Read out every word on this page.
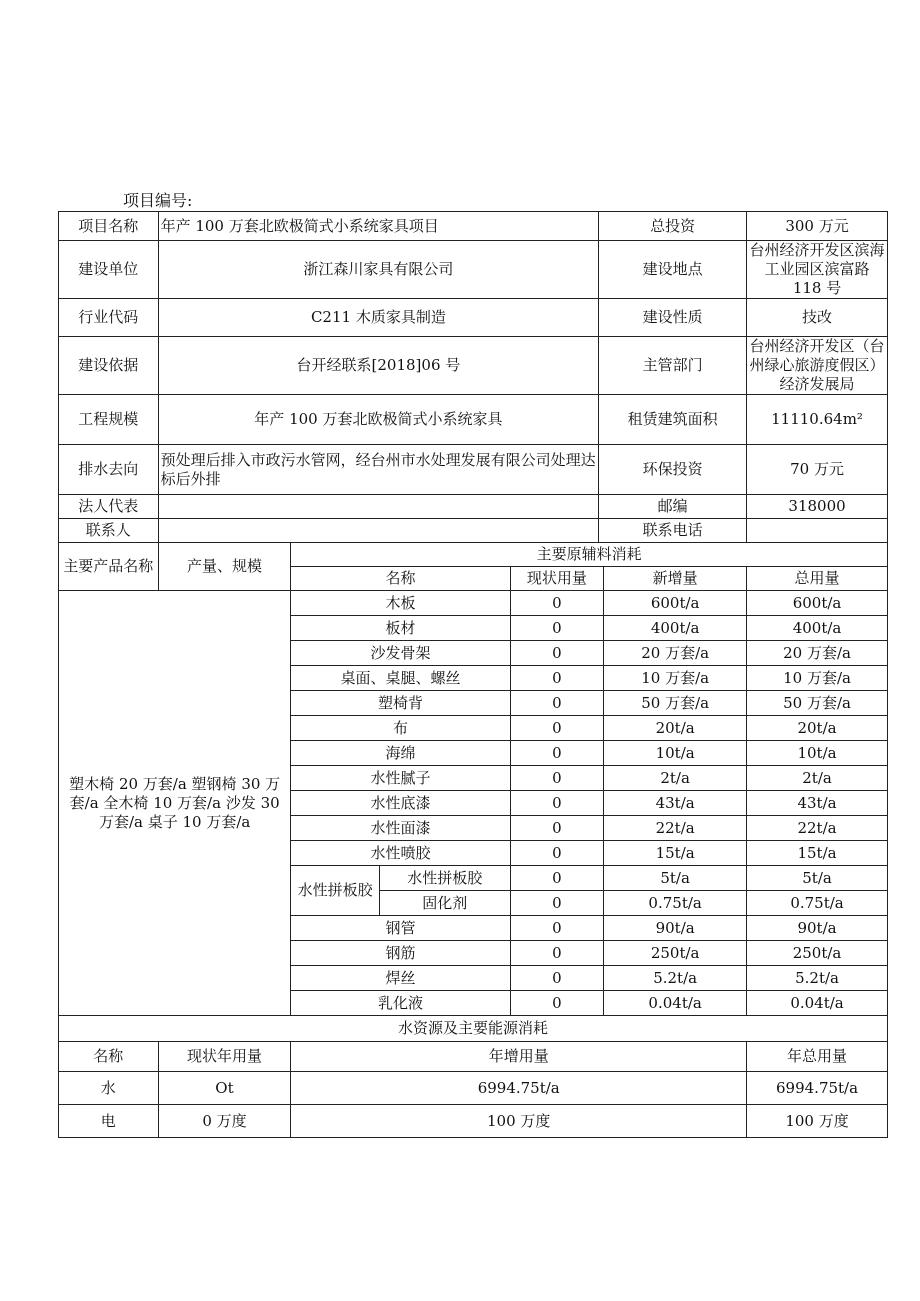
项目编号:
项目名称	年产 100 万套北欧极简式小系统家具项目				总投资		300 万元
建设单位	浙江森川家具有限公司				建设地点		台州经济开发区滨海工业园区滨富路 118 号
行业代码	C211 木质家具制造				建设性质		技改
建设依据	台开经联系[2018]06 号				主管部门		台州经济开发区（台州绿心旅游度假区）经济发展局
工程规模	年产 100 万套北欧极简式小系统家具				租赁建筑面积		11110.64m²
排水去向	预处理后排入市政污水管网，经台州市水处理发展有限公司处理达标后外排				环保投资		70 万元
法人代表					邮编		318000
联系人					联系电话		
主要产品名称	产量、规模	主要原辅料消耗					
		名称		现状用量		新增量	总用量
塑木椅 20 万套/a 塑钢椅 30 万套/a 全木椅 10 万套/a 沙发 30 万套/a 桌子 10 万套/a		木板		0		600t/a	600t/a
		板材		0		400t/a	400t/a
		沙发骨架		0		20 万套/a	20 万套/a
		桌面、桌腿、螺丝		0		10 万套/a	10 万套/a
		塑椅背		0		50 万套/a	50 万套/a
		布		0		20t/a	20t/a
		海绵		0		10t/a	10t/a
		水性腻子		0		2t/a	2t/a
		水性底漆		0		43t/a	43t/a
		水性面漆		0		22t/a	22t/a
		水性喷胶		0		15t/a	15t/a
		水性拼板胶	水性拼板胶	0		5t/a	5t/a
			固化剂	0		0.75t/a	0.75t/a
		钢管		0		90t/a	90t/a
		钢筋		0		250t/a	250t/a
		焊丝		0		5.2t/a	5.2t/a
		乳化液		0		0.04t/a	0.04t/a
水资源及主要能源消耗							
名称	现状年用量	年增用量					年总用量
水	Ot	6994.75t/a					6994.75t/a
电	0 万度	100 万度					100 万度
